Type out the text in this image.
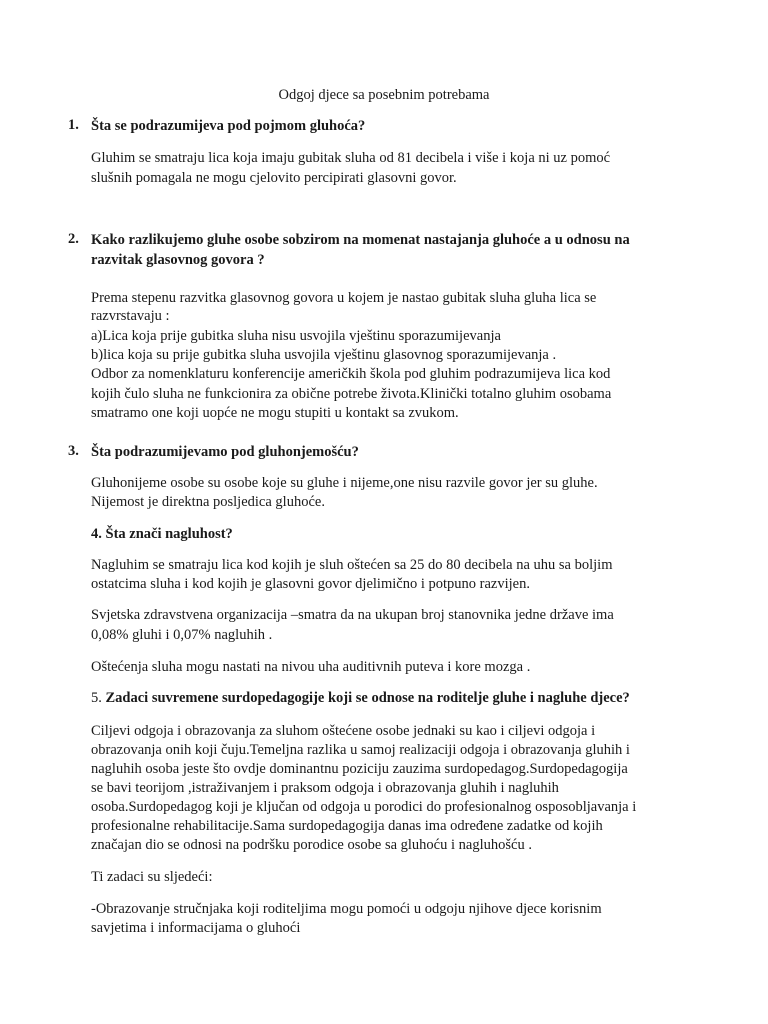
Odgoj djece sa posebnim potrebama
1. Šta se podrazumijeva pod pojmom gluhoća?
Gluhim se smatraju lica koja imaju gubitak sluha od 81 decibela i više i koja ni uz pomoć
slušnih pomagala ne mogu cjelovito percipirati glasovni govor.
2. Kako razlikujemo gluhe osobe sobzirom na momenat nastajanja gluhoće a u odnosu na
razvitak glasovnog govora ?
Prema stepenu razvitka glasovnog govora u kojem je nastao gubitak sluha gluha lica se
razvrstavaju :
a)Lica koja prije gubitka sluha nisu usvojila vještinu sporazumijevanja
b)lica koja su prije gubitka sluha usvojila vještinu glasovnog sporazumijevanja .
Odbor za nomenklaturu konferencije američkih škola pod gluhim podrazumijeva lica kod
kojih čulo sluha ne funkcionira za obične potrebe života.Klinički totalno gluhim osobama
smatramo one koji uopće ne mogu stupiti u kontakt sa zvukom.
3. Šta podrazumijevamo pod gluhonjemošću?
Gluhonijeme osobe su osobe koje su gluhe i nijeme,one nisu razvile govor jer su gluhe.
Nijemost je direktna posljedica gluhoće.
4. Šta znači nagluhost?
Nagluhim se smatraju lica kod kojih je sluh oštećen sa 25 do 80 decibela na uhu sa boljim
ostatcima sluha i kod kojih je glasovni govor djelimično i potpuno razvijen.
Svjetska zdravstvena organizacija –smatra da na ukupan broj stanovnika jedne države ima
0,08% gluhi i 0,07% nagluhih .
Oštećenja sluha mogu nastati na nivou uha auditivnih puteva i kore mozga .
5. Zadaci suvremene surdopedagogije koji se odnose na roditelje gluhe i nagluhe djece?
Ciljevi odgoja i obrazovanja za sluhom oštećene osobe jednaki su kao i ciljevi odgoja i
obrazovanja onih koji čuju.Temeljna razlika u samoj realizaciji odgoja i obrazovanja gluhih i
nagluhih osoba jeste što ovdje dominantnu poziciju zauzima surdopedagog.Surdopedagogija
se bavi teorijom ,istraživanjem i praksom odgoja i obrazovanja gluhih i nagluhih
osoba.Surdopedagog koji je ključan od odgoja u porodici do profesionalnog osposobljavanja i
profesionalne rehabilitacije.Sama surdopedagogija danas ima određene zadatke od kojih
značajan dio se odnosi na podršku porodice osobe sa gluhoću i nagluhošću .
Ti zadaci su sljedeći:
-Obrazovanje stručnjaka koji roditeljima mogu pomoći u odgoju njihove djece korisnim
savjetima i informacijama o gluhoći
